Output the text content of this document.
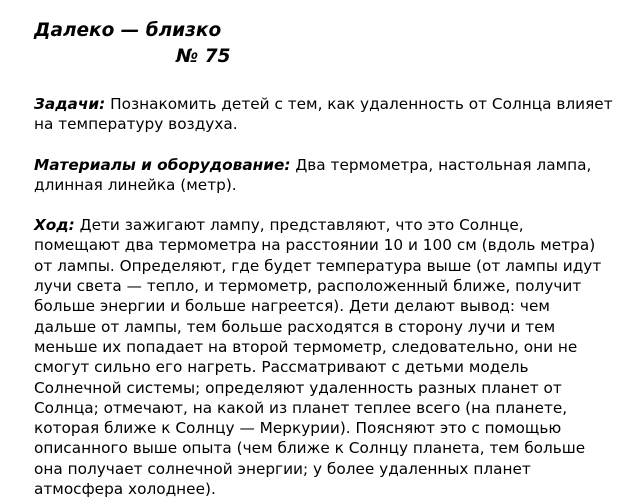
Далеко — близко

№ 75

Задачи: Познакомить детей с тем, как удаленность от Солнца влияет на температуру воздуха.

Материалы и оборудование: Два термометра, настольная лампа, длинная линейка (метр).

Ход: Дети зажигают лампу, представляют, что это Солнце, помещают два термометра на расстоянии 10 и 100 см (вдоль метра) от лампы. Определяют, где будет температура выше (от лампы идут лучи света — тепло, и термометр, расположенный ближе, получит больше энергии и больше нагреется). Дети делают вывод: чем дальше от лампы, тем больше расходятся в сторону лучи и тем меньше их попадает на второй термометр, следовательно, они не смогут сильно его нагреть. Рассматривают с детьми модель Солнечной системы; определяют удаленность разных планет от Солнца; отмечают, на какой из планет теплее всего (на планете, которая ближе к Солнцу — Меркурии). Поясняют это с помощью описанного выше опыта (чем ближе к Солнцу планета, тем больше она получает солнечной энергии; у более удаленных планет атмосфера холоднее).
